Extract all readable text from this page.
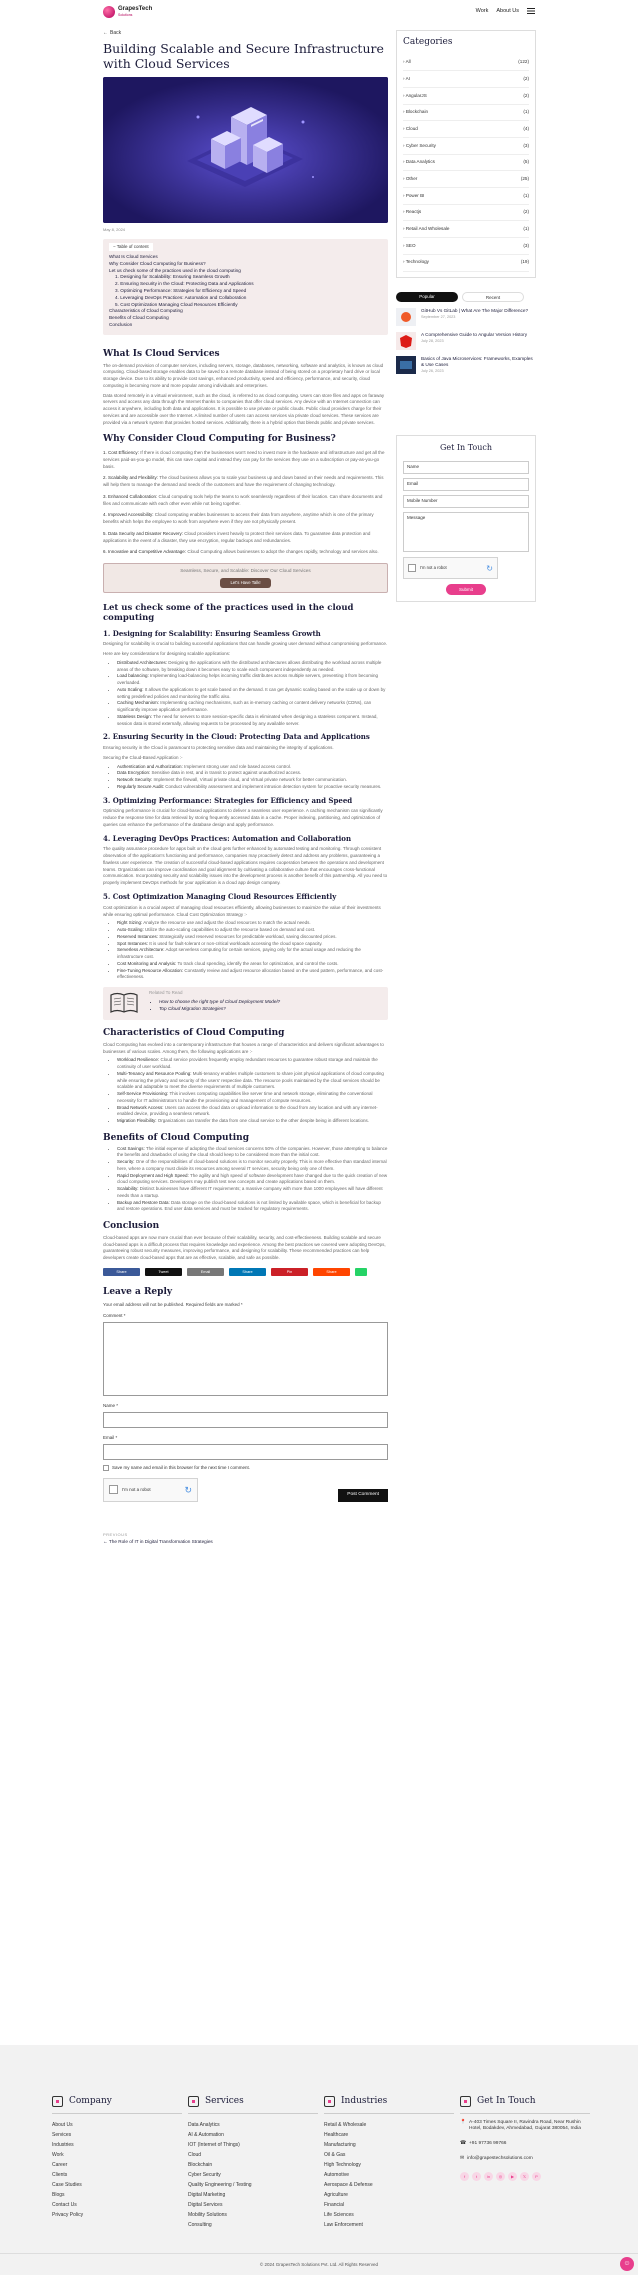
GrapesTech
Solutions
Work About Us
← Back
Building Scalable and Secure Infrastructure with Cloud Services
May 8, 2024
− Table of content
What Is Cloud Services
Why Consider Cloud Computing for Business?
Let us check some of the practices used in the cloud computing
1. Designing for Scalability: Ensuring Seamless Growth
2. Ensuring Security in the Cloud: Protecting Data and Applications
3. Optimizing Performance: Strategies for Efficiency and Speed
4. Leveraging DevOps Practices: Automation and Collaboration
5. Cost Optimization Managing Cloud Resources Efficiently
Characteristics of Cloud Computing
Benefits of Cloud Computing
Conclusion
What Is Cloud Services

The on-demand provision of computer services, including servers, storage, databases, networking, software and analytics, is known as cloud computing. Cloud-based storage enables data to be saved to a remote database instead of being stored on a proprietary hard drive or local storage device. Due to its ability to provide cost savings, enhanced productivity, speed and efficiency, performance, and security, cloud computing is becoming more and more popular among individuals and enterprises.

Data stored remotely in a virtual environment, such as the cloud, is referred to as cloud computing. Users can store files and apps on faraway servers and access any data through the Internet thanks to companies that offer cloud services. Any device with an Internet connection can access it anywhere, including both data and applications. It is possible to use private or public clouds. Public cloud providers charge for their services and are accessible over the Internet. A limited number of users can access services via private cloud services. These services are provided via a network system that provides hosted services. Additionally, there is a hybrid option that blends public and private services.

Why Consider Cloud Computing for Business?

1. Cost Efficiency: If there is cloud computing then the businesses won't need to invest more in the hardware and infrastructure and get all the services paid-as-you-go model, this can save capital and instead they can pay for the services they use on a subscription or pay-as-you-go basis.

2. Scalability and Flexibility: The cloud business allows you to scale your business up and down based on their needs and requirements. This will help them to manage the demand and needs of the customers and have the requirement of changing technology.

3. Enhanced Collaboration: Cloud computing tools help the teams to work seamlessly regardless of their location. Can share documents and files and communicate with each other even while not being together.

4. Improved Accessibility: Cloud computing enables businesses to access their data from anywhere, anytime which is one of the primary benefits which helps the employee to work from anywhere even if they are not physically present.

5. Data Security and Disaster Recovery: Cloud providers invest heavily to protect their services data. To guarantee data protection and applications in the event of a disaster, they use encryption, regular backups and redundancies.

6. Innovative and Competitive Advantage: Cloud Computing allows businesses to adopt the changes rapidly, technology and services also.

Seamless, Secure, and Scalable: Discover Our Cloud Services
Let's Have Talk!
Let us check some of the practices used in the cloud computing
1. Designing for Scalability: Ensuring Seamless Growth

Designing for scalability is crucial to building successful applications that can handle growing user demand without compromising performance.

Here are key considerations for designing scalable applications:

• Distributed Architectures: Designing the applications with the distributed architectures allows distributing the workload across multiple areas of the software, by breaking down it becomes easy to scale each component independently as needed.
• Load balancing: Implementing load-balancing helps incoming traffic distributes across multiple servers, preventing it from becoming overloaded.
• Auto Scaling: It allows the applications to get scale based on the demand. It can get dynamic scaling based on the scale up or down by setting predefined policies and monitoring the traffic also.
• Caching Mechanism: Implementing caching mechanisms, such as in-memory caching or content delivery networks (CDNs), can significantly improve application performance.
• Stateless Design: The need for servers to store session-specific data is eliminated when designing a stateless component. Instead, session data is stored externally, allowing requests to be processed by any available server.
2. Ensuring Security in the Cloud: Protecting Data and Applications

Ensuring security in the Cloud is paramount to protecting sensitive data and maintaining the integrity of applications.

Securing the Cloud-Based Application :-

• Authentication and Authorization: Implement strong user and role based access control.
• Data Encryption: Sensitive data in rest, and in transit to protect against unauthorized access.
• Network Security: Implement the firewall, Virtual private cloud, and Virtual private network for better communication.
• Regularly Secure Audit: Conduct vulnerability assessment and implement intrusion detection system for proactive security measures.
3. Optimizing Performance: Strategies for Efficiency and Speed

Optimizing performance is crucial for cloud-based applications to deliver a seamless user experience. A caching mechanism can significantly reduce the response time for data retrieval by storing frequently accessed data in a cache. Proper indexing, partitioning, and optimization of queries can enhance the performance of the database design and apply performance.

4. Leveraging DevOps Practices: Automation and Collaboration

The quality assurance procedure for apps built on the cloud gets further enhanced by automated testing and monitoring. Through consistent observation of the application's functioning and performance, companies may proactively detect and address any problems, guaranteeing a flawless user experience. The creation of successful cloud-based applications requires cooperation between the operations and development teams. Organizations can improve coordination and goal alignment by cultivating a collaborative culture that encourages cross-functional communication. Incorporating security and scalability issues into the development process is another benefit of this partnership. All you need to properly implement DevOps methods for your application is a cloud app design company.

5. Cost Optimization Managing Cloud Resources Efficiently

Cost optimization is a crucial aspect of managing cloud resources efficiently, allowing businesses to maximize the value of their investments while ensuring optimal performance. Cloud Cost Optimization Strategy :-

• Right Sizing: Analyze the resource use and adjust the cloud resources to match the actual needs.
• Auto-Scaling: Utilize the auto-scaling capabilities to adjust the resource based on demand and cost.
• Reserved Instances: Strategically used reserved resources for predictable workload, saving discounted prices.
• Spot Instances: It is used for fault-tolerant or non-critical workloads accessing the cloud space capacity.
• Serverless Architecture: Adopt serverless computing for certain services, paying only for the actual usage and reducing the infrastructure cost.
• Cost Monitoring and Analysis: To track cloud spending, identify the areas for optimization, and control the costs.
• Fine-Tuning Resource Allocation: Constantly review and adjust resource allocation based on the used pattern, performance, and cost-effectiveness.
Related To Read
• How to choose the right type of Cloud Deployment Model?
• Top Cloud Migration Strategies?
Characteristics of Cloud Computing

Cloud Computing has evolved into a contemporary infrastructure that houses a range of characteristics and delivers significant advantages to businesses of various scales. Among them, the following applications are :-

• Workload Resilience: Cloud service providers frequently employ redundant resources to guarantee robust storage and maintain the continuity of user workload.
• Multi-Tenancy and Resource Pooling: Multi-tenancy enables multiple customers to share joint physical applications of cloud computing while ensuring the privacy and security of the users' respective data. The resource pools maintained by the cloud services should be scalable and adaptable to meet the diverse requirements of multiple customers.
• Self-Service Provisioning: This involves computing capabilities like server time and network storage, eliminating the conventional necessity for IT administrators to handle the provisioning and management of compute resources.
• Broad Network Access: Users can access the cloud data or upload information to the cloud from any location and with any internet-enabled device, providing a seamless network.
• Migration Flexibility: Organizations can transfer the data from one cloud service to the other despite being in different locations.
Benefits of Cloud Computing
• Cost Savings: The initial expense of adopting the cloud services concerns 50% of the companies. However, those attempting to balance the benefits and drawbacks of using the cloud should keep to be considered more than the initial cost.
• Security: One of the responsibilities of cloud-based solutions is to monitor security properly. This is more effective than standard internal here, where a company must divide its resources among several IT services, security being only one of them.
• Rapid Deployment and High Speed: The agility and high speed of software development have changed due to the quick creation of new cloud computing services. Developers may publish test new concepts and create applications based on them.
• Scalability: Distinct businesses have different IT requirements; a massive company with more than 1000 employees will have different needs than a startup.
• Backup and Restore Data: Data storage on the cloud-based solutions is not limited by available space, which is beneficial for backup and restore operations. End user data services and must be tracked for regulatory requirements.
Conclusion

Cloud-based apps are now more crucial than ever because of their scalability, security, and cost-effectiveness. Building scalable and secure cloud-based apps is a difficult process that requires knowledge and experience. Among the best practices we covered were adopting DevOps, guaranteeing robust security measures, improving performance, and designing for scalability. These recommended practices can help developers create cloud-based apps that are as effective, scalable, and safe as possible.

Share	Tweet	Email	Share	Pin	Share
Leave a Reply

Your email address will not be published. Required fields are marked *

Comment *

Name *

Email *

Save my name and email in this browser for the next time I comment.
I'm not a robot	↻
Post Comment
PREVIOUS
← The Role of IT in Digital Transformation Strategies
Categories
› All	(122)
› AI	(2)
› AngularJS	(2)
› Blockchain	(1)
› Cloud	(4)
› Cyber Security	(3)
› Data Analytics	(5)
› Other	(25)
› Power BI	(1)
› Reactjs	(2)
› Retail And Wholesale	(1)
› SEO	(3)
› Technology	(19)
Popular	Recent
GitHub Vs GitLab | What Are The Major Difference?
September 27, 2023
A Comprehensive Guide to Angular Version History
July 28, 2023
Basics of Java Microservices: Frameworks, Examples & Use Cases
July 26, 2023
Get In Touch
Name
Email
Mobile Number
Message
I'm not a robot	↻
Submit
Company
About Us
Services
Industries
Work
Career
Clients
Case Studies
Blogs
Contact Us
Privacy Policy
Services
Data Analytics
AI & Automation
IOT (Internet of Things)
Cloud
Blockchain
Cyber Security
Quality Engineering / Testing
Digital Marketing
Digital Services
Mobility Solutions
Consulting
Industries
Retail & Wholesale
Healthcare
Manufacturing
Oil & Gas
High Technology
Automotive
Aerospace & Defense
Agriculture
Financial
Life Sciences
Law Enforcement
Get In Touch
📍 A-403 Times Square II, Ravindra Road, Near Rushin Hotel, Bodakdev, Ahmedabad, Gujarat 380054, India
☎ +91 97736 99766
✉ info@grapestechsolutions.com
f	t in ◎ ▶ 𝕏 P
© 2024 GrapesTech Solutions Pvt. Ltd. All Rights Reserved	☺
